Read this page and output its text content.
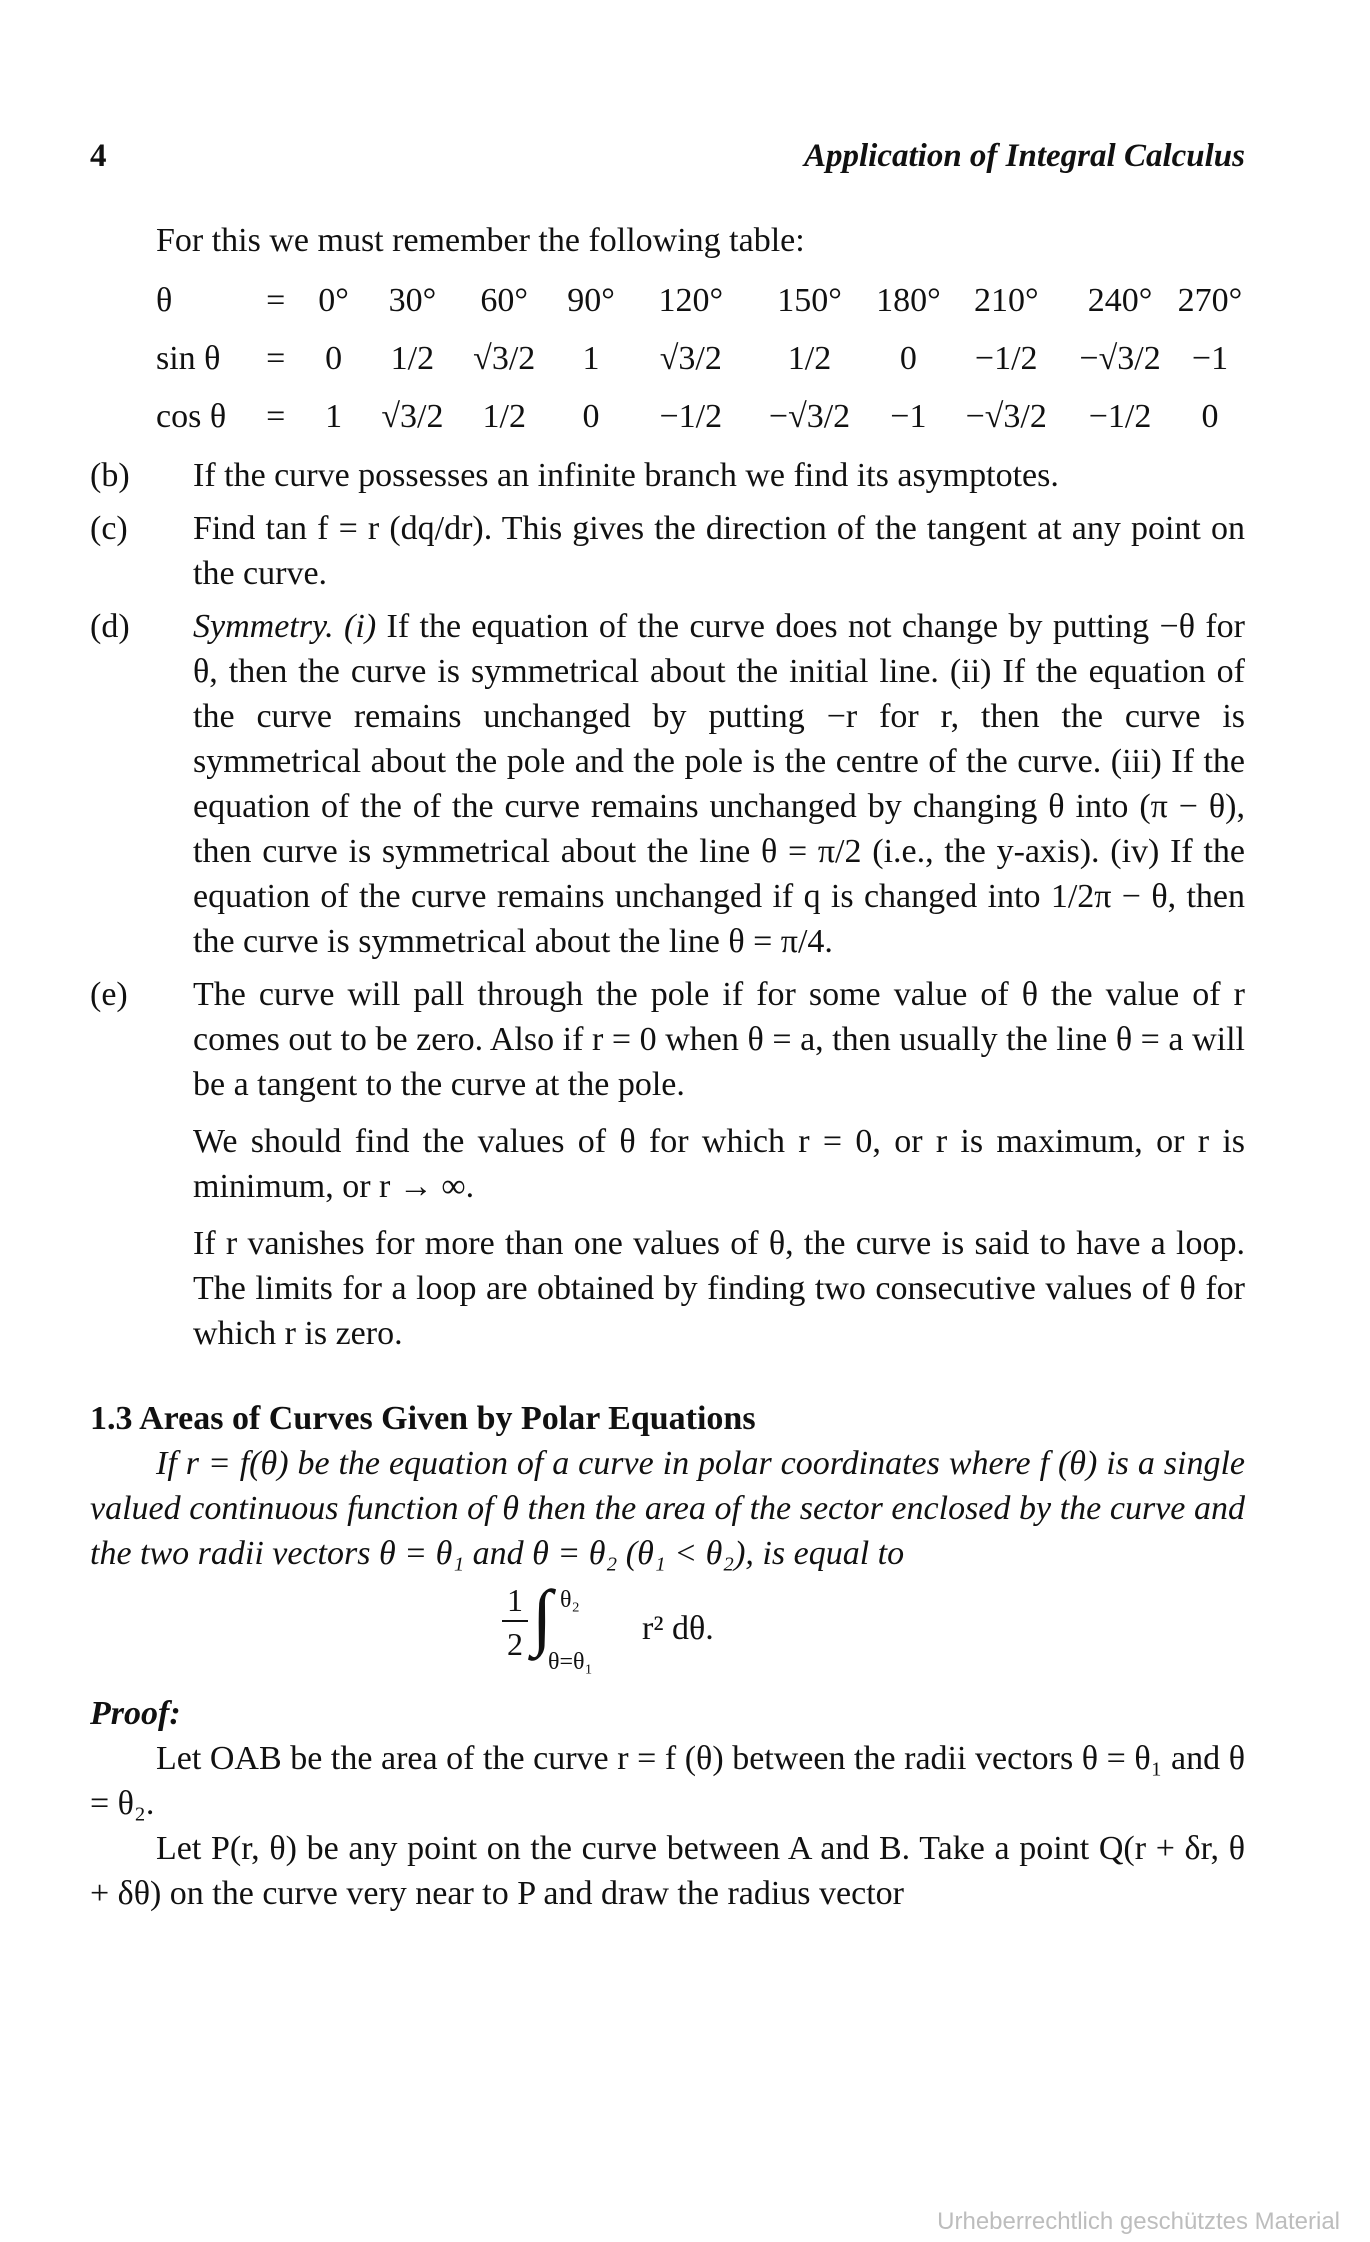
4	Application of Integral Calculus

For this we must remember the following table:

θ	=	0°	30°	60°	90°	120°	150°	180°	210°	240°	270°
sin θ	=	0	1/2	√3/2	1	√3/2	1/2	0	−1/2	−√3/2	−1
cos θ	=	1	√3/2	1/2	0	−1/2	−√3/2	−1	−√3/2	−1/2	0
(b) If the curve possesses an infinite branch we find its asymptotes.

(c) Find tan f = r (dq/dr). This gives the direction of the tangent at any point on the curve.

(d) Symmetry. (i) If the equation of the curve does not change by putting −θ for θ, then the curve is symmetrical about the initial line. (ii) If the equation of the curve remains unchanged by putting −r for r, then the curve is symmetrical about the pole and the pole is the centre of the curve. (iii) If the equation of the of the curve remains unchanged by changing θ into (π − θ), then curve is symmetrical about the line θ = π/2 (i.e., the y-axis). (iv) If the equation of the curve remains unchanged if q is changed into 1/2π − θ, then the curve is symmetrical about the line θ = π/4.

(e) The curve will pall through the pole if for some value of θ the value of r comes out to be zero. Also if r = 0 when θ = a, then usually the line θ = a will be a tangent to the curve at the pole.

We should find the values of θ for which r = 0, or r is maximum, or r is minimum, or r → ∞.

If r vanishes for more than one values of θ, the curve is said to have a loop. The limits for a loop are obtained by finding two consecutive values of θ for which r is zero.

1.3 Areas of Curves Given by Polar Equations

If r = f(θ) be the equation of a curve in polar coordinates where f (θ) is a single valued continuous function of θ then the area of the sector enclosed by the curve and the two radii vectors θ = θ₁ and θ = θ₂ (θ₁ < θ₂), is equal to

1
2 ∫ θ₂
θ=θ₁
r² dθ.

Proof:

Let OAB be the area of the curve r = f (θ) between the radii vectors θ = θ₁ and θ = θ₂.

Let P(r, θ) be any point on the curve between A and B. Take a point Q(r + δr, θ + δθ) on the curve very near to P and draw the radius vector

Urheberrechtlich geschütztes Material
